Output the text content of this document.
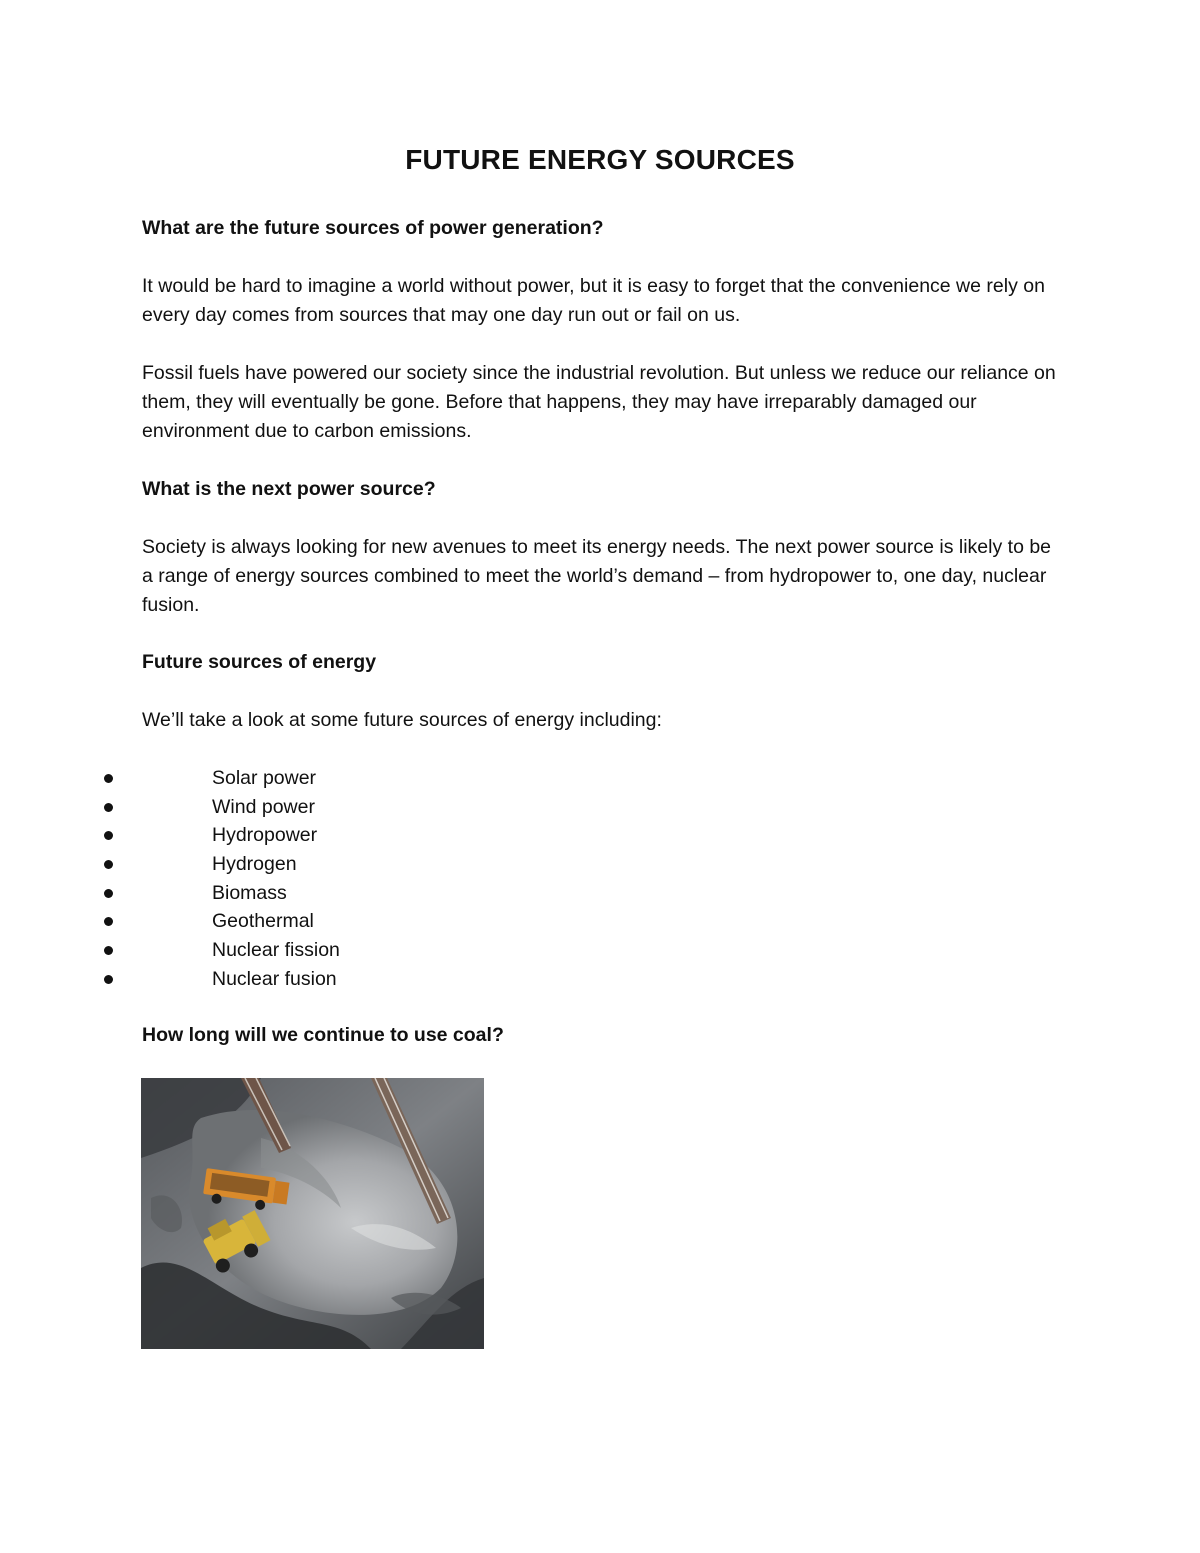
FUTURE ENERGY SOURCES

What are the future sources of power generation?

It would be hard to imagine a world without power, but it is easy to forget that the convenience we rely on every day comes from sources that may one day run out or fail on us.

Fossil fuels have powered our society since the industrial revolution. But unless we reduce our reliance on them, they will eventually be gone. Before that happens, they may have irreparably damaged our environment due to carbon emissions.

What is the next power source?

Society is always looking for new avenues to meet its energy needs. The next power source is likely to be a range of energy sources combined to meet the world’s demand – from hydropower to, one day, nuclear fusion.

Future sources of energy

We’ll take a look at some future sources of energy including:

Solar power
Wind power
Hydropower
Hydrogen
Biomass
Geothermal
Nuclear fission
Nuclear fusion

How long will we continue to use coal?
